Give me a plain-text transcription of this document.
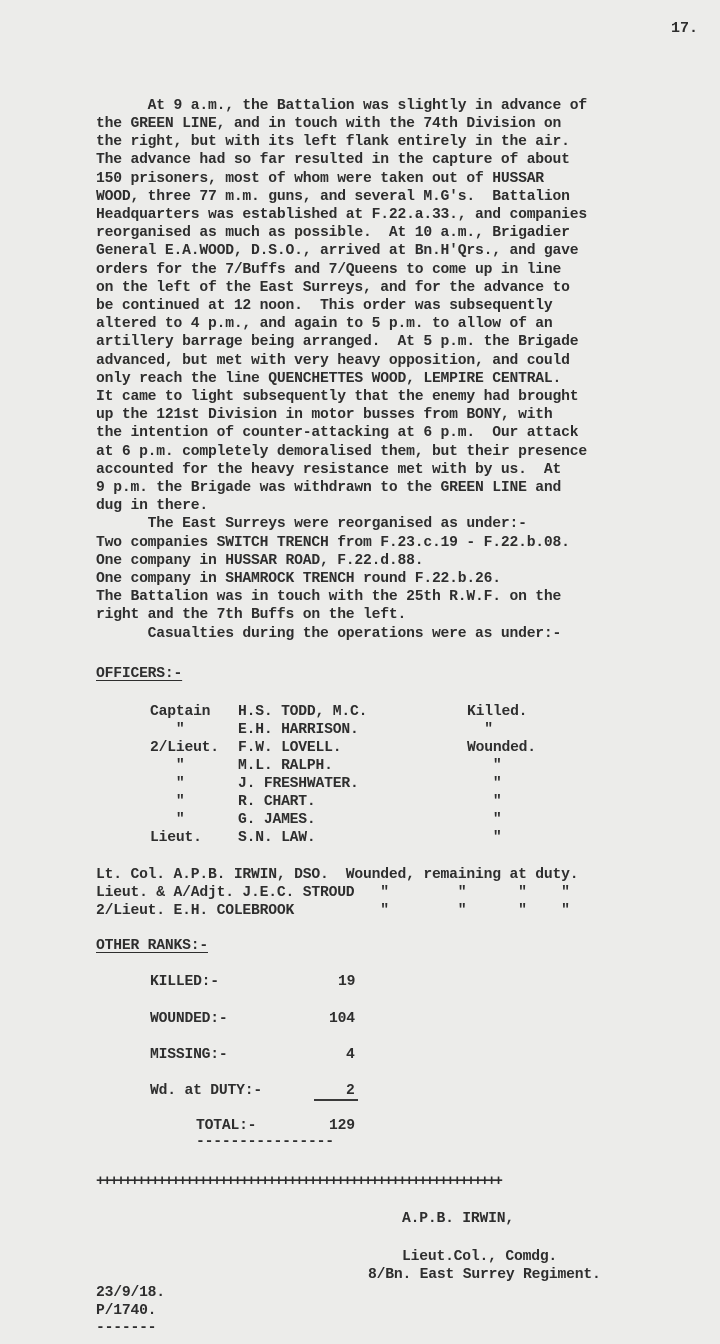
17.
At 9 a.m., the Battalion was slightly in advance of
the GREEN LINE, and in touch with the 74th Division on
the right, but with its left flank entirely in the air.
The advance had so far resulted in the capture of about
150 prisoners, most of whom were taken out of HUSSAR
WOOD, three 77 m.m. guns, and several M.G's.  Battalion
Headquarters was established at F.22.a.33., and companies
reorganised as much as possible.  At 10 a.m., Brigadier
General E.A.WOOD, D.S.O., arrived at Bn.H'Qrs., and gave
orders for the 7/Buffs and 7/Queens to come up in line
on the left of the East Surreys, and for the advance to
be continued at 12 noon.  This order was subsequently
altered to 4 p.m., and again to 5 p.m. to allow of an
artillery barrage being arranged.  At 5 p.m. the Brigade
advanced, but met with very heavy opposition, and could
only reach the line QUENCHETTES WOOD, LEMPIRE CENTRAL.
It came to light subsequently that the enemy had brought
up the 121st Division in motor busses from BONY, with
the intention of counter-attacking at 6 p.m.  Our attack
at 6 p.m. completely demoralised them, but their presence
accounted for the heavy resistance met with by us.  At
9 p.m. the Brigade was withdrawn to the GREEN LINE and
dug in there.
The East Surreys were reorganised as under:-
Two companies SWITCH TRENCH from F.23.c.19 - F.22.b.08.
One company in HUSSAR ROAD, F.22.d.88.
One company in SHAMROCK TRENCH round F.22.b.26.
The Battalion was in touch with the 25th R.W.F. on the
right and the 7th Buffs on the left.
Casualties during the operations were as under:-
OFFICERS:-
Captain H.S. TODD, M.C.	Killed.
"	E.H. HARRISON.	"
2/Lieut. F.W. LOVELL.	Wounded.
"	M.L. RALPH.	"
"	J. FRESHWATER.	"
"	R. CHART.	"
"	G. JAMES.	"
Lieut. S.N. LAW.	"
Lt. Col. A.P.B. IRWIN, DSO.  Wounded, remaining at duty.
Lieut. & A/Adjt. J.E.C. STROUD   "        "      "    "
2/Lieut. E.H. COLEBROOK          "        "      "    "
OTHER RANKS:-
KILLED:-	19
WOUNDED:-	104
MISSING:-	4
Wd. at DUTY:-	2
TOTAL:-	129
----------------
+++++++++++++++++++++++++++++++++++++++++++++++++++++++++++
A.P.B. IRWIN,
Lieut.Col., Comdg.
8/Bn. East Surrey Regiment.
23/9/18.
P/1740.
-------
